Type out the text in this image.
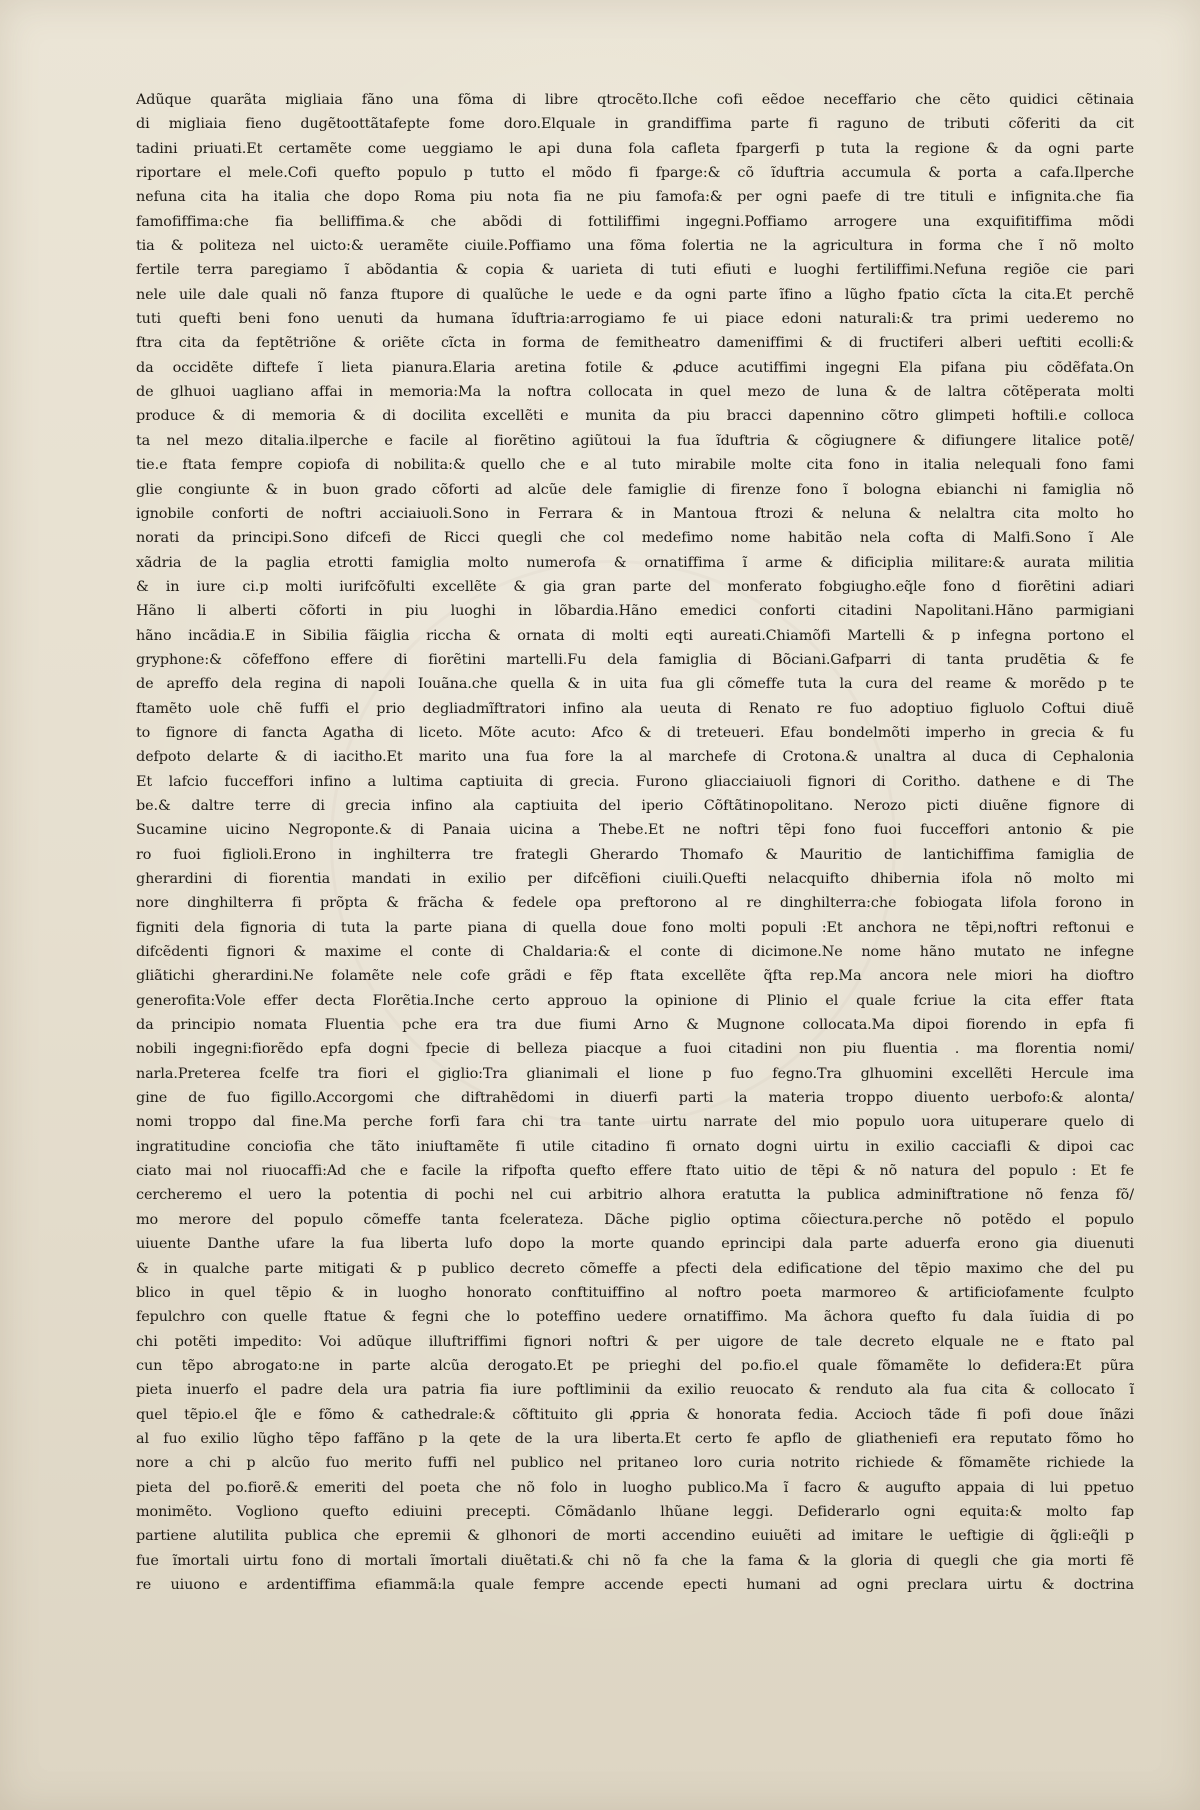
Adũque quarãta migliaia fãno una fõma di libre qtrocẽto.Ilche cofi eẽdoe neceffario che cẽto quidici cẽtinaia
di migliaia fieno dugẽtoottãtafepte fome doro.Elquale in grandiffima parte fi raguno de tributi cõferiti da cit
tadini priuati.Et certamẽte come ueggiamo le api duna fola cafleta fpargerfi p tuta la regione & da ogni parte
riportare el mele.Cofi quefto populo p tutto el mõdo fi fparge:& cõ ĩduftria accumula & porta a cafa.Ilperche
nefuna cita ha italia che dopo Roma piu nota fia ne piu famofa:& per ogni paefe di tre tituli e infignita.che fia
famofiffima:che fia belliffima.& che abõdi di fottiliffimi ingegni.Poffiamo arrogere una exquifitiffima mõdi
tia & politeza nel uicto:& ueramẽte ciuile.Poffiamo una fõma folertia ne la agricultura in forma che ĩ nõ molto
fertile terra paregiamo ĩ abõdantia & copia & uarieta di tuti efiuti e luoghi fertiliffimi.Nefuna regiõe cie pari
nele uile dale quali nõ fanza ftupore di qualũche le uede e da ogni parte ĩfino a lũgho fpatio cĩcta la cita.Et perchẽ
tuti quefti beni fono uenuti da humana ĩduftria:arrogiamo fe ui piace edoni naturali:& tra primi uederemo no
ftra cita da feptẽtriõne & oriẽte cĩcta in forma de femitheatro dameniffimi & di fructiferi alberi ueftiti ecolli:&
da occidẽte diftefe ĩ lieta pianura.Elaria aretina fotile & ꝓduce acutiffimi ingegni Ela pifana piu cõdẽfata.On
de glhuoi uagliano affai in memoria:Ma la noftra collocata in quel mezo de luna & de laltra cõtẽperata molti
produce & di memoria & di docilita excellẽti e munita da piu bracci dapennino cõtro glimpeti hoftili.e colloca
ta nel mezo ditalia.ilperche e facile al fiorẽtino agiũtoui la fua ĩduftria & cõgiugnere & difiungere litalice potẽ/
tie.e ftata fempre copiofa di nobilita:& quello che e al tuto mirabile molte cita fono in italia nelequali fono fami
glie congiunte & in buon grado cõforti ad alcũe dele famiglie di firenze fono ĩ bologna ebianchi ni famiglia nõ
ignobile conforti de noftri acciaiuoli.Sono in Ferrara & in Mantoua ftrozi & neluna & nelaltra cita molto ho
norati da principi.Sono difcefi de Ricci quegli che col medefimo nome habitão nela cofta di Malfi.Sono ĩ Ale
xãdria de la paglia etrotti famiglia molto numerofa & ornatiffima ĩ arme & dificiplia militare:& aurata militia
& in iure ci.p molti iurifcõfulti excellẽte & gia gran parte del monferato fobgiugho.eq̃le fono d fiorẽtini adiari
Hãno li alberti cõforti in piu luoghi in lõbardia.Hãno emedici conforti citadini Napolitani.Hãno parmigiani
hãno incãdia.E in Sibilia fãiglia riccha & ornata di molti eqti aureati.Chiamõfi Martelli & p infegna portono el
gryphone:& cõfeffono effere di fiorẽtini martelli.Fu dela famiglia di Bõciani.Gafparri di tanta prudẽtia & fe
de apreffo dela regina di napoli Iouãna.che quella & in uita fua gli cõmeffe tuta la cura del reame & morẽdo p te
ftamẽto uole chẽ fuffi el prio degliadmĩftratori infino ala ueuta di Renato re fuo adoptiuo figluolo Coftui diuẽ
to fignore di fancta Agatha di liceto. Mõte acuto: Afco & di treteueri. Efau bondelmõti imperho in grecia & fu
defpoto delarte & di iacitho.Et marito una fua fore la al marchefe di Crotona.& unaltra al duca di Cephalonia
Et lafcio fucceffori infino a lultima captiuita di grecia. Furono gliacciaiuoli fignori di Coritho. dathene e di The
be.& daltre terre di grecia infino ala captiuita del iperio Cõftãtinopolitano. Nerozo picti diuẽne fignore di
Sucamine uicino Negroponte.& di Panaia uicina a Thebe.Et ne noftri tẽpi fono fuoi fucceffori antonio & pie
ro fuoi figlioli.Erono in inghilterra tre frategli Gherardo Thomafo & Mauritio de lantichiffima famiglia de
gherardini di fiorentia mandati in exilio per difcẽfioni ciuili.Quefti nelacquifto dhibernia ifola nõ molto mi
nore dinghilterra fi prõpta & frãcha & fedele opa preftorono al re dinghilterra:che fobiogata lifola forono in
figniti dela fignoria di tuta la parte piana di quella doue fono molti populi :Et anchora ne tẽpi,noftri reftonui e
difcẽdenti fignori & maxime el conte di Chaldaria:& el conte di dicimone.Ne nome hãno mutato ne infegne
gliãtichi gherardini.Ne folamẽte nele cofe grãdi e fẽp ftata excellẽte q̃fta rep.Ma ancora nele miori ha dioftro
generofita:Vole effer decta Florẽtia.Inche certo approuo la opinione di Plinio el quale fcriue la cita effer ftata
da principio nomata Fluentia pche era tra due fiumi Arno & Mugnone collocata.Ma dipoi fiorendo in epfa fi
nobili ingegni:fiorẽdo epfa dogni fpecie di belleza piacque a fuoi citadini non piu fluentia . ma florentia nomi/
narla.Preterea fcelfe tra fiori el giglio:Tra glianimali el lione p fuo fegno.Tra glhuomini excellẽti Hercule ima
gine de fuo figillo.Accorgomi che diftrahẽdomi in diuerfi parti la materia troppo diuento uerbofo:& alonta/
nomi troppo dal fine.Ma perche forfi fara chi tra tante uirtu narrate del mio populo uora uituperare quelo di
ingratitudine conciofia che tãto iniuftamẽte fi utile citadino fi ornato dogni uirtu in exilio cacciafli & dipoi cac
ciato mai nol riuocaffi:Ad che e facile la rifpofta quefto effere ftato uitio de tẽpi & nõ natura del populo : Et fe
cercheremo el uero la potentia di pochi nel cui arbitrio alhora eratutta la publica adminiftratione nõ fenza fõ/
mo merore del populo cõmeffe tanta fcelerateza. Dãche piglio optima cõiectura.perche nõ potẽdo el populo
uiuente Danthe ufare la fua liberta lufo dopo la morte quando eprincipi dala parte aduerfa erono gia diuenuti
& in qualche parte mitigati & p publico decreto cõmeffe a pfecti dela edificatione del tẽpio maximo che del pu
blico in quel tẽpio & in luogho honorato conftituiffino al noftro poeta marmoreo & artificiofamente fculpto
fepulchro con quelle ftatue & fegni che lo poteffino uedere ornatiffimo. Ma ãchora quefto fu dala ĩuidia di po
chi potẽti impedito: Voi adũque illuftriffimi fignori noftri & per uigore de tale decreto elquale ne e ftato pal
cun tẽpo abrogato:ne in parte alcũa derogato.Et pe prieghi del po.fio.el quale fõmamẽte lo defidera:Et pũra
pieta inuerfo el padre dela ura patria fia iure poftliminii da exilio reuocato & renduto ala fua cita & collocato ĩ
quel tẽpio.el q̃le e fõmo & cathedrale:& cõftituito gli ꝓpria & honorata fedia. Accioch tãde fi pofi doue ĩnãzi
al fuo exilio lũgho tẽpo faffãno p la qete de la ura liberta.Et certo fe apflo de gliatheniefi era reputato fõmo ho
nore a chi p alcũo fuo merito fuffi nel publico nel pritaneo loro curia notrito richiede & fõmamẽte richiede la
pieta del po.fiorẽ.& emeriti del poeta che nõ folo in luogho publico.Ma ĩ facro & augufto appaia di lui ppetuo
monimẽto. Vogliono quefto ediuini precepti. Cõmãdanlo lhũane leggi. Defiderarlo ogni equita:& molto fap
partiene alutilita publica che epremii & glhonori de morti accendino euiuẽti ad imitare le ueftigie di q̃gli:eq̃li p
fue ĩmortali uirtu fono di mortali ĩmortali diuẽtati.& chi nõ fa che la fama & la gloria di quegli che gia morti fẽ
re uiuono e ardentiffima efiammã:la quale fempre accende epecti humani ad ogni preclara uirtu & doctrina
